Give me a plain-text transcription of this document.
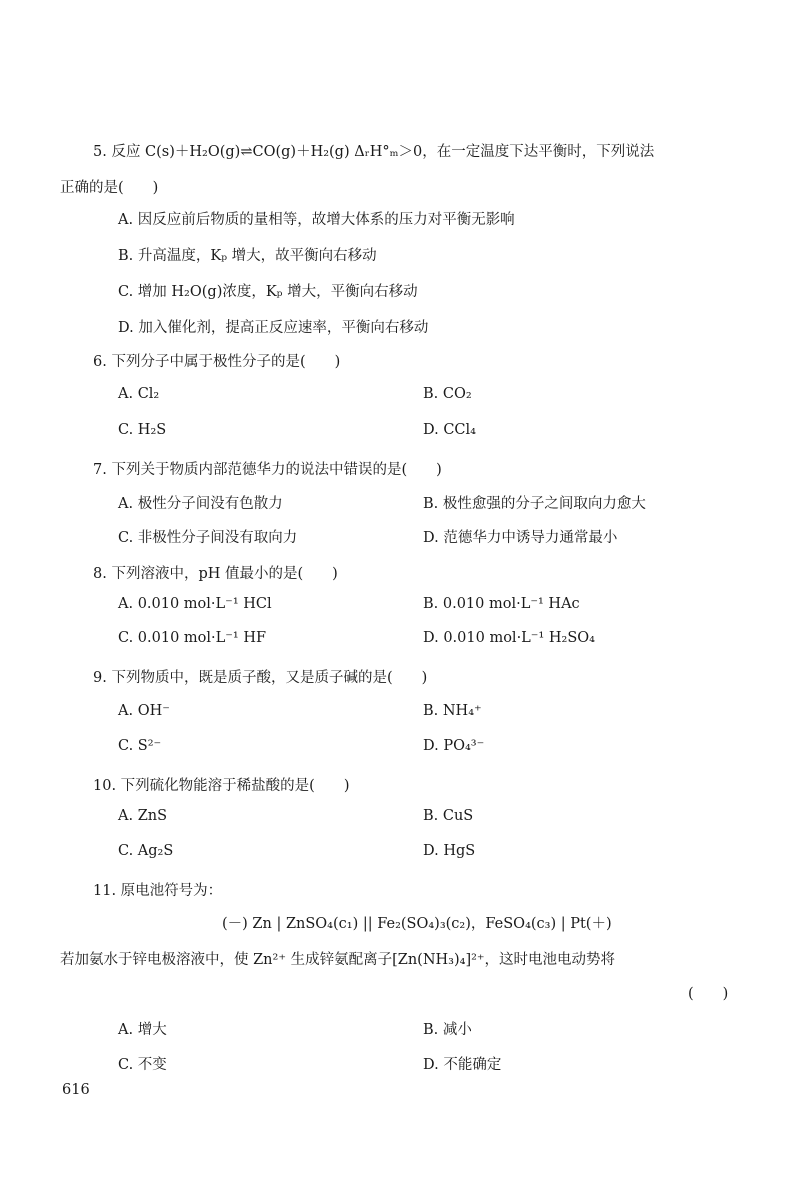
5. 反应 C(s)＋H₂O(g)⇌CO(g)＋H₂(g) ΔᵣH°ₘ＞0，在一定温度下达平衡时，下列说法
正确的是(　　)
A. 因反应前后物质的量相等，故增大体系的压力对平衡无影响
B. 升高温度，Kₚ 增大，故平衡向右移动
C. 增加 H₂O(g)浓度，Kₚ 增大，平衡向右移动
D. 加入催化剂，提高正反应速率，平衡向右移动
6. 下列分子中属于极性分子的是(　　)
A. Cl₂	B. CO₂
C. H₂S	D. CCl₄
7. 下列关于物质内部范德华力的说法中错误的是(　　)
A. 极性分子间没有色散力	B. 极性愈强的分子之间取向力愈大
C. 非极性分子间没有取向力	D. 范德华力中诱导力通常最小
8. 下列溶液中，pH 值最小的是(　　)
A. 0.010 mol·L⁻¹ HCl	B. 0.010 mol·L⁻¹ HAc
C. 0.010 mol·L⁻¹ HF	D. 0.010 mol·L⁻¹ H₂SO₄
9. 下列物质中，既是质子酸，又是质子碱的是(　　)
A. OH⁻	B. NH₄⁺
C. S²⁻	D. PO₄³⁻
10. 下列硫化物能溶于稀盐酸的是(　　)
A. ZnS	B. CuS
C. Ag₂S	D. HgS
11. 原电池符号为：
(－) Zn | ZnSO₄(c₁) || Fe₂(SO₄)₃(c₂)，FeSO₄(c₃) | Pt(＋)
若加氨水于锌电极溶液中，使 Zn²⁺ 生成锌氨配离子[Zn(NH₃)₄]²⁺，这时电池电动势将
(　　)
A. 增大	B. 减小
C. 不变	D. 不能确定
616
